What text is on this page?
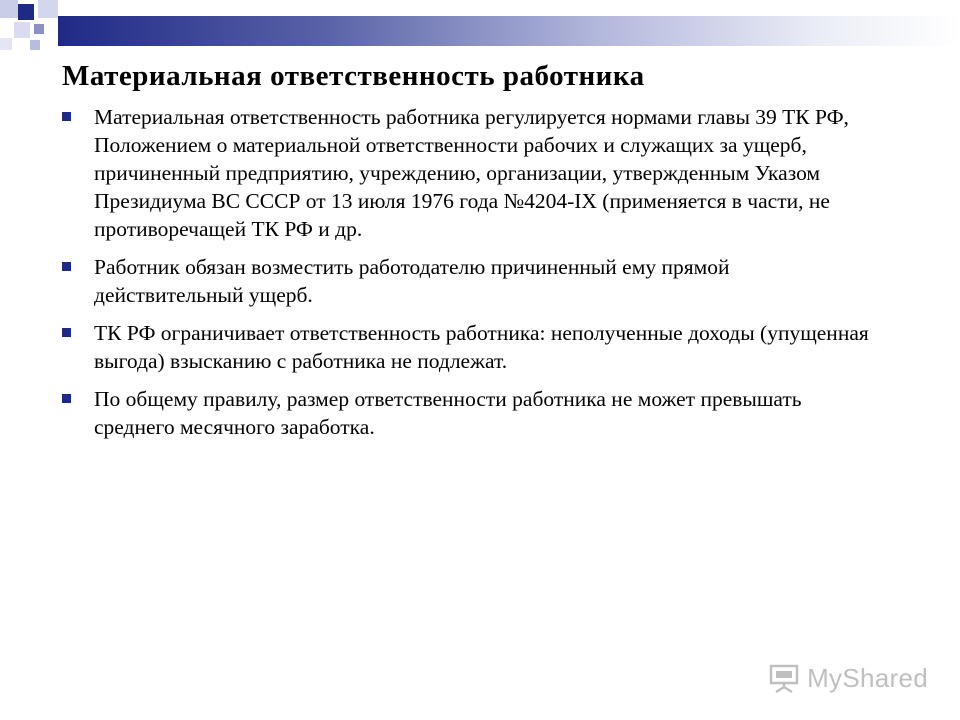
Материальная ответственность работника
Материальная ответственность работника регулируется нормами главы 39 ТК РФ, Положением о материальной ответственности рабочих и служащих за ущерб, причиненный предприятию, учреждению, организации, утвержденным Указом Президиума ВС СССР от 13 июля 1976 года №4204-IX (применяется в части, не противоречащей ТК РФ и др.
Работник обязан возместить работодателю причиненный ему прямой действительный ущерб.
ТК РФ ограничивает ответственность работника: неполученные доходы (упущенная выгода) взысканию с работника не подлежат.
По общему правилу, размер ответственности работника не может превышать среднего месячного заработка.
MyShared
